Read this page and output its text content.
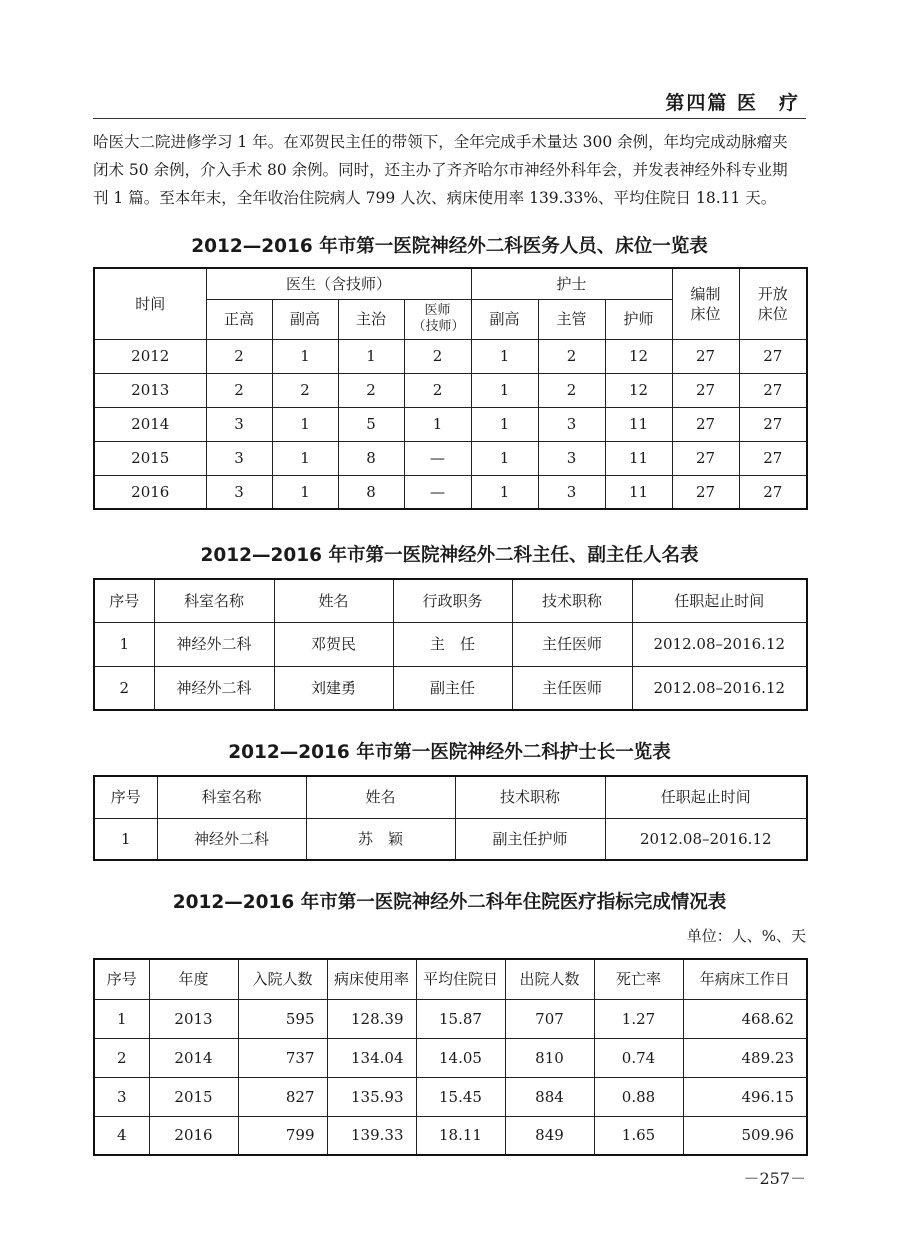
第四篇 医　疗
哈医大二院进修学习 1 年。在邓贺民主任的带领下，全年完成手术量达 300 余例，年均完成动脉瘤夹
闭术 50 余例，介入手术 80 余例。同时，还主办了齐齐哈尔市神经外科年会，并发表神经外科专业期
刊 1 篇。至本年末，全年收治住院病人 799 人次、病床使用率 139.33%、平均住院日 18.11 天。
2012—2016 年市第一医院神经外二科医务人员、床位一览表
时间	医生（含技师）				护士			编制床位	开放床位
	正高	副高	主治	医师（技师）	副高	主管	护师		
2012	2	1	1	2	1	2	12	27	27
2013	2	2	2	2	1	2	12	27	27
2014	3	1	5	1	1	3	11	27	27
2015	3	1	8	—	1	3	11	27	27
2016	3	1	8	—	1	3	11	27	27
2012—2016 年市第一医院神经外二科主任、副主任人名表
序号	科室名称	姓名	行政职务	技术职称	任职起止时间
1	神经外二科	邓贺民	主　任	主任医师	2012.08–2016.12
2	神经外二科	刘建勇	副主任	主任医师	2012.08–2016.12
2012—2016 年市第一医院神经外二科护士长一览表
序号	科室名称	姓名	技术职称	任职起止时间
1	神经外二科	苏　颖	副主任护师	2012.08–2016.12
2012—2016 年市第一医院神经外二科年住院医疗指标完成情况表
单位：人、%、天
序号	年度	入院人数	病床使用率	平均住院日	出院人数	死亡率	年病床工作日
1	2013	595	128.39	15.87	707	1.27	468.62
2	2014	737	134.04	14.05	810	0.74	489.23
3	2015	827	135.93	15.45	884	0.88	496.15
4	2016	799	139.33	18.11	849	1.65	509.96
－257－
